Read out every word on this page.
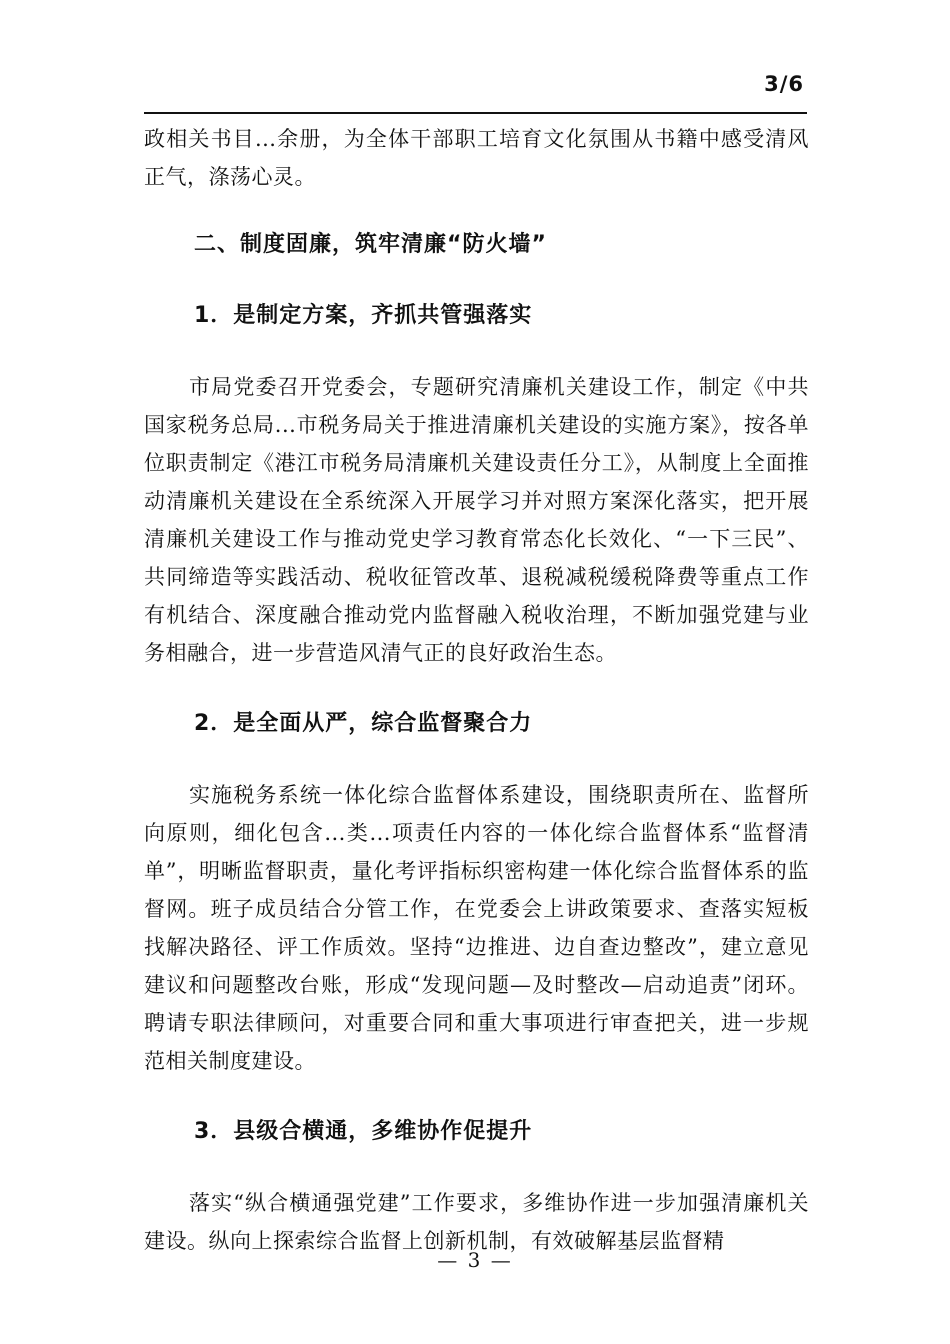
3/6

政相关书目...余册，为全体干部职工培育文化氛围从书籍中感受清风正气，涤荡心灵。

二、制度固廉，筑牢清廉“防火墙”
1．是制定方案，齐抓共管强落实

市局党委召开党委会，专题研究清廉机关建设工作，制定《中共国家税务总局...市税务局关于推进清廉机关建设的实施方案》，按各单位职责制定《港江市税务局清廉机关建设责任分工》，从制度上全面推动清廉机关建设在全系统深入开展学习并对照方案深化落实，把开展清廉机关建设工作与推动党史学习教育常态化长效化、“一下三民”、共同缔造等实践活动、税收征管改革、退税减税缓税降费等重点工作有机结合、深度融合推动党内监督融入税收治理，不断加强党建与业务相融合，进一步营造风清气正的良好政治生态。

2．是全面从严，综合监督聚合力

实施税务系统一体化综合监督体系建设，围绕职责所在、监督所向原则，细化包含...类...项责任内容的一体化综合监督体系“监督清单”，明晰监督职责，量化考评指标织密构建一体化综合监督体系的监督网。班子成员结合分管工作，在党委会上讲政策要求、查落实短板找解决路径、评工作质效。坚持“边推进、边自查边整改”，建立意见建议和问题整改台账，形成“发现问题—及时整改—启动追责”闭环。聘请专职法律顾问，对重要合同和重大事项进行审查把关，进一步规范相关制度建设。

3．县级合横通，多维协作促提升

落实“纵合横通强党建”工作要求，多维协作进一步加强清廉机关建设。纵向上探索综合监督上创新机制，有效破解基层监督精

— 3 —
